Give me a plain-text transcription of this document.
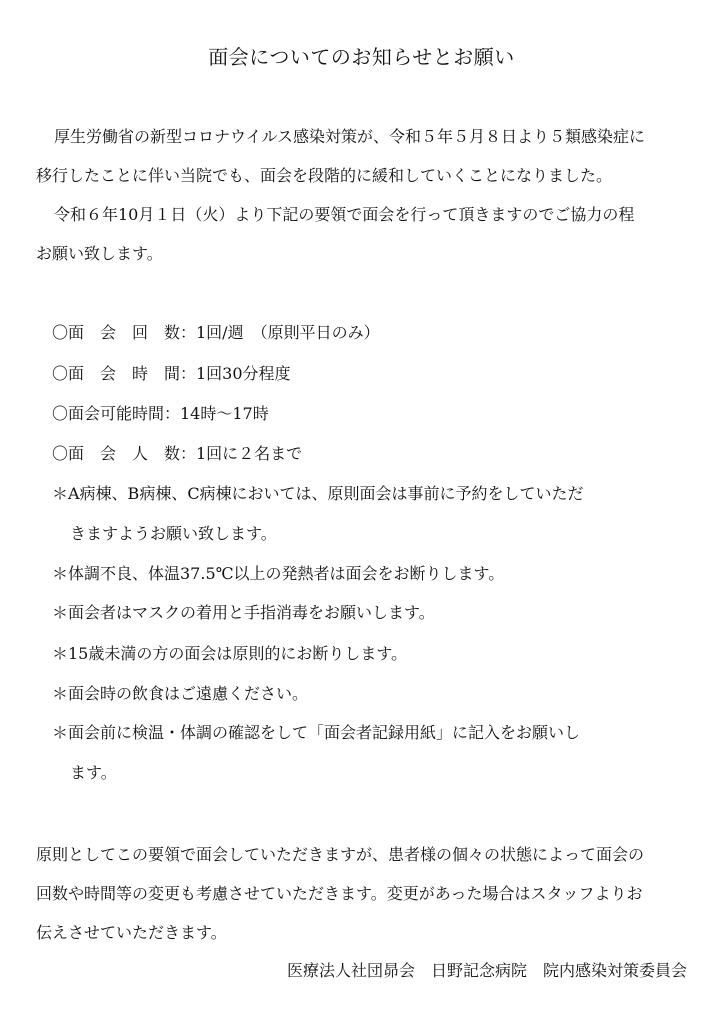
面会についてのお知らせとお願い
厚生労働省の新型コロナウイルス感染対策が、令和５年５月８日より５類感染症に
移行したことに伴い当院でも、面会を段階的に緩和していくことになりました。
令和６年10月１日（火）より下記の要領で面会を行って頂きますのでご協力の程
お願い致します。
〇面　会　回　数：1回/週　（原則平日のみ）
〇面　会　時　間：1回30分程度
〇面会可能時間：14時～17時
〇面　会　人　数：1回に２名まで
＊A病棟、B病棟、C病棟においては、原則面会は事前に予約をしていただ
きますようお願い致します。
＊体調不良、体温37.5℃以上の発熱者は面会をお断りします。
＊面会者はマスクの着用と手指消毒をお願いします。
＊15歳未満の方の面会は原則的にお断りします。
＊面会時の飲食はご遠慮ください。
＊面会前に検温・体調の確認をして「面会者記録用紙」に記入をお願いし
ます。
原則としてこの要領で面会していただきますが、患者様の個々の状態によって面会の
回数や時間等の変更も考慮させていただきます。変更があった場合はスタッフよりお
伝えさせていただきます。
医療法人社団昴会　日野記念病院　院内感染対策委員会
